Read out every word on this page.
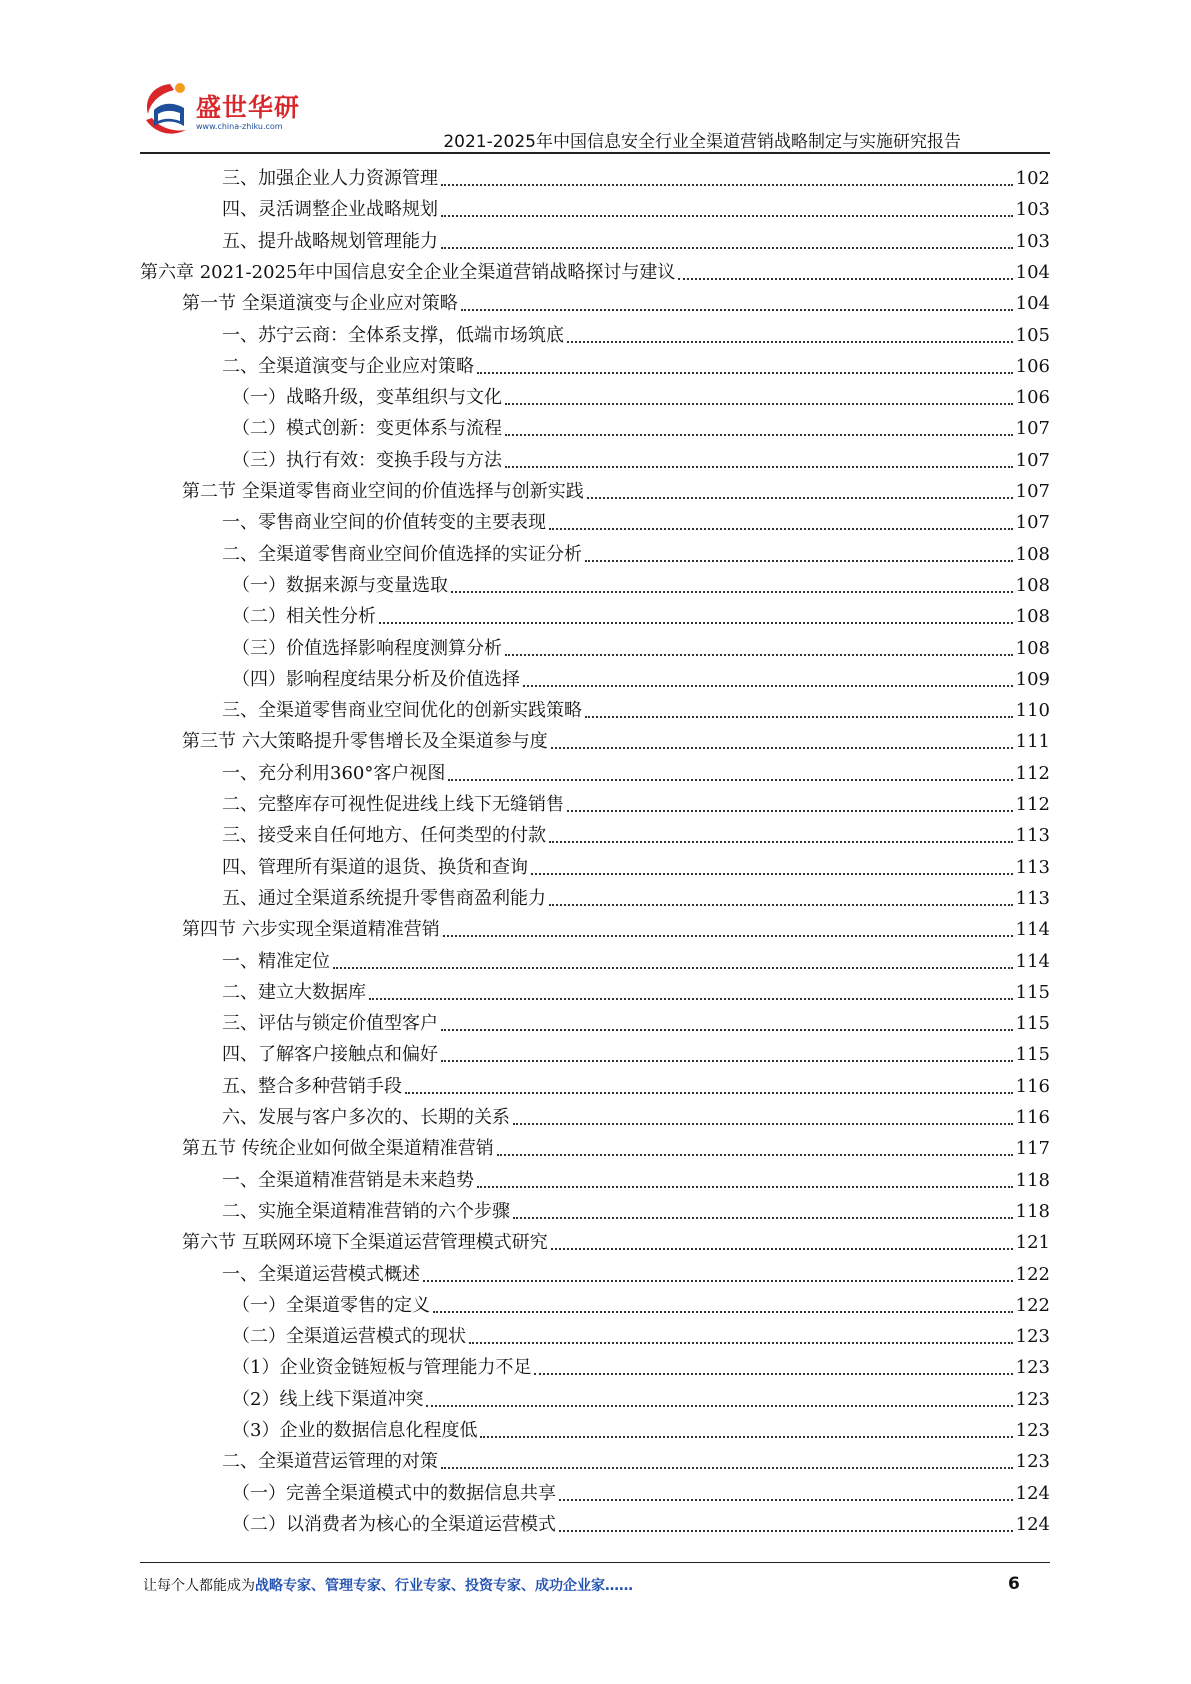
盛世华研
www.china-zhiku.com
2021-2025年中国信息安全行业全渠道营销战略制定与实施研究报告
三、加强企业人力资源管理	102
四、灵活调整企业战略规划	103
五、提升战略规划管理能力	103
第六章 2021-2025年中国信息安全企业全渠道营销战略探讨与建议	104
第一节 全渠道演变与企业应对策略	104
一、苏宁云商：全体系支撑，低端市场筑底	105
二、全渠道演变与企业应对策略	106
（一）战略升级，变革组织与文化	106
（二）模式创新：变更体系与流程	107
（三）执行有效：变换手段与方法	107
第二节 全渠道零售商业空间的价值选择与创新实践	107
一、零售商业空间的价值转变的主要表现	107
二、全渠道零售商业空间价值选择的实证分析	108
（一）数据来源与变量选取	108
（二）相关性分析	108
（三）价值选择影响程度测算分析	108
（四）影响程度结果分析及价值选择	109
三、全渠道零售商业空间优化的创新实践策略	110
第三节 六大策略提升零售增长及全渠道参与度	111
一、充分利用360°客户视图	112
二、完整库存可视性促进线上线下无缝销售	112
三、接受来自任何地方、任何类型的付款	113
四、管理所有渠道的退货、换货和查询	113
五、通过全渠道系统提升零售商盈利能力	113
第四节 六步实现全渠道精准营销	114
一、精准定位	114
二、建立大数据库	115
三、评估与锁定价值型客户	115
四、了解客户接触点和偏好	115
五、整合多种营销手段	116
六、发展与客户多次的、长期的关系	116
第五节 传统企业如何做全渠道精准营销	117
一、全渠道精准营销是未来趋势	118
二、实施全渠道精准营销的六个步骤	118
第六节 互联网环境下全渠道运营管理模式研究	121
一、全渠道运营模式概述	122
（一）全渠道零售的定义	122
（二）全渠道运营模式的现状	123
（1）企业资金链短板与管理能力不足	123
（2）线上线下渠道冲突	123
（3）企业的数据信息化程度低	123
二、全渠道营运管理的对策	123
（一）完善全渠道模式中的数据信息共享	124
（二）以消费者为核心的全渠道运营模式	124
让每个人都能成为战略专家、管理专家、行业专家、投资专家、成功企业家……	6
